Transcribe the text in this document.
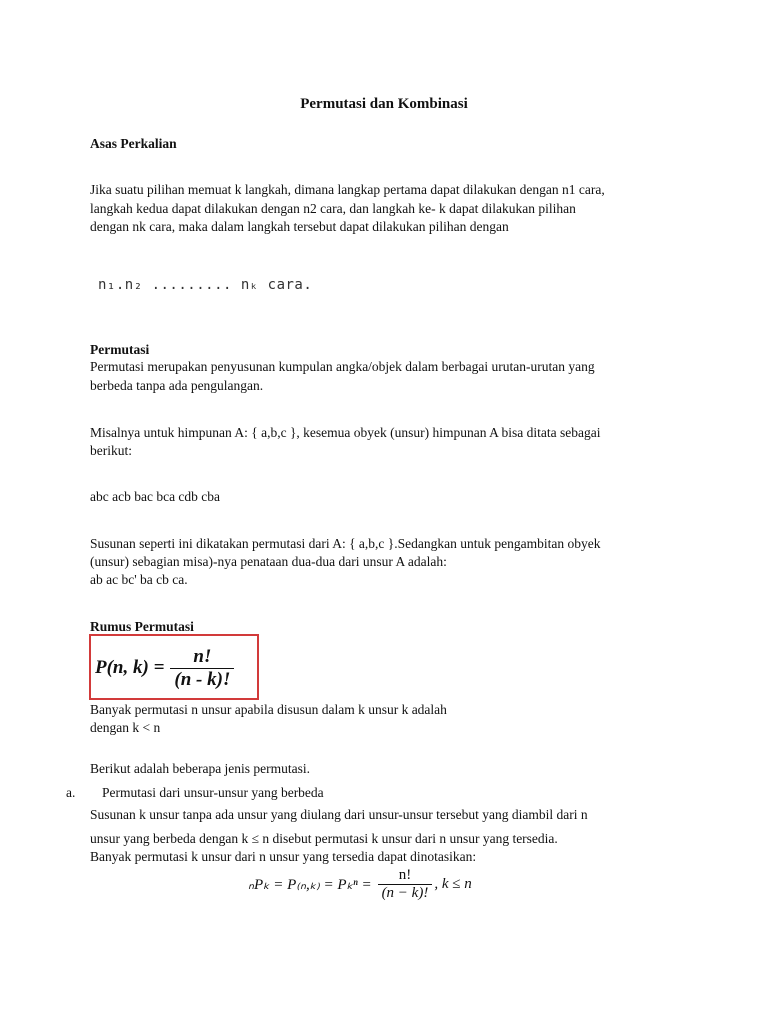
Permutasi dan Kombinasi
Asas Perkalian
Jika suatu pilihan memuat k langkah, dimana langkap pertama dapat dilakukan dengan n1 cara,
langkah kedua dapat dilakukan dengan n2 cara, dan langkah ke- k dapat dilakukan pilihan
dengan nk cara, maka dalam langkah tersebut dapat dilakukan pilihan dengan
n₁.n₂ ......... nₖ cara.
Permutasi
Permutasi merupakan penyusunan kumpulan angka/objek dalam berbagai urutan-urutan yang
berbeda tanpa ada pengulangan.
Misalnya untuk himpunan A: { a,b,c }, kesemua obyek (unsur) himpunan A bisa ditata sebagai
berikut:
abc acb bac bca cdb cba
Susunan seperti ini dikatakan permutasi dari A: { a,b,c }.Sedangkan untuk pengambitan obyek
(unsur) sebagian misa)-nya penataan dua-dua dari unsur A adalah:
ab ac bc' ba cb ca.
Rumus Permutasi
P(n, $k) = \frac{n!}{(n - k)!}$
Banyak permutasi n unsur apabila disusun dalam k unsur k adalah
dengan k < n
Berikut adalah beberapa jenis permutasi.
a. Permutasi dari unsur-unsur yang berbeda
Susunan k unsur tanpa ada unsur yang diulang dari unsur-unsur tersebut yang diambil dari n
unsur yang berbeda dengan k ≤ n disebut permutasi k unsur dari n unsur yang tersedia.
Banyak permutasi k unsur dari n unsur yang tersedia dapat dinotasikan:
$_nP_k = P_{(n},_{k)} = P_k^n = \frac{n!}{(n - k)!}$ , k ≤ n
